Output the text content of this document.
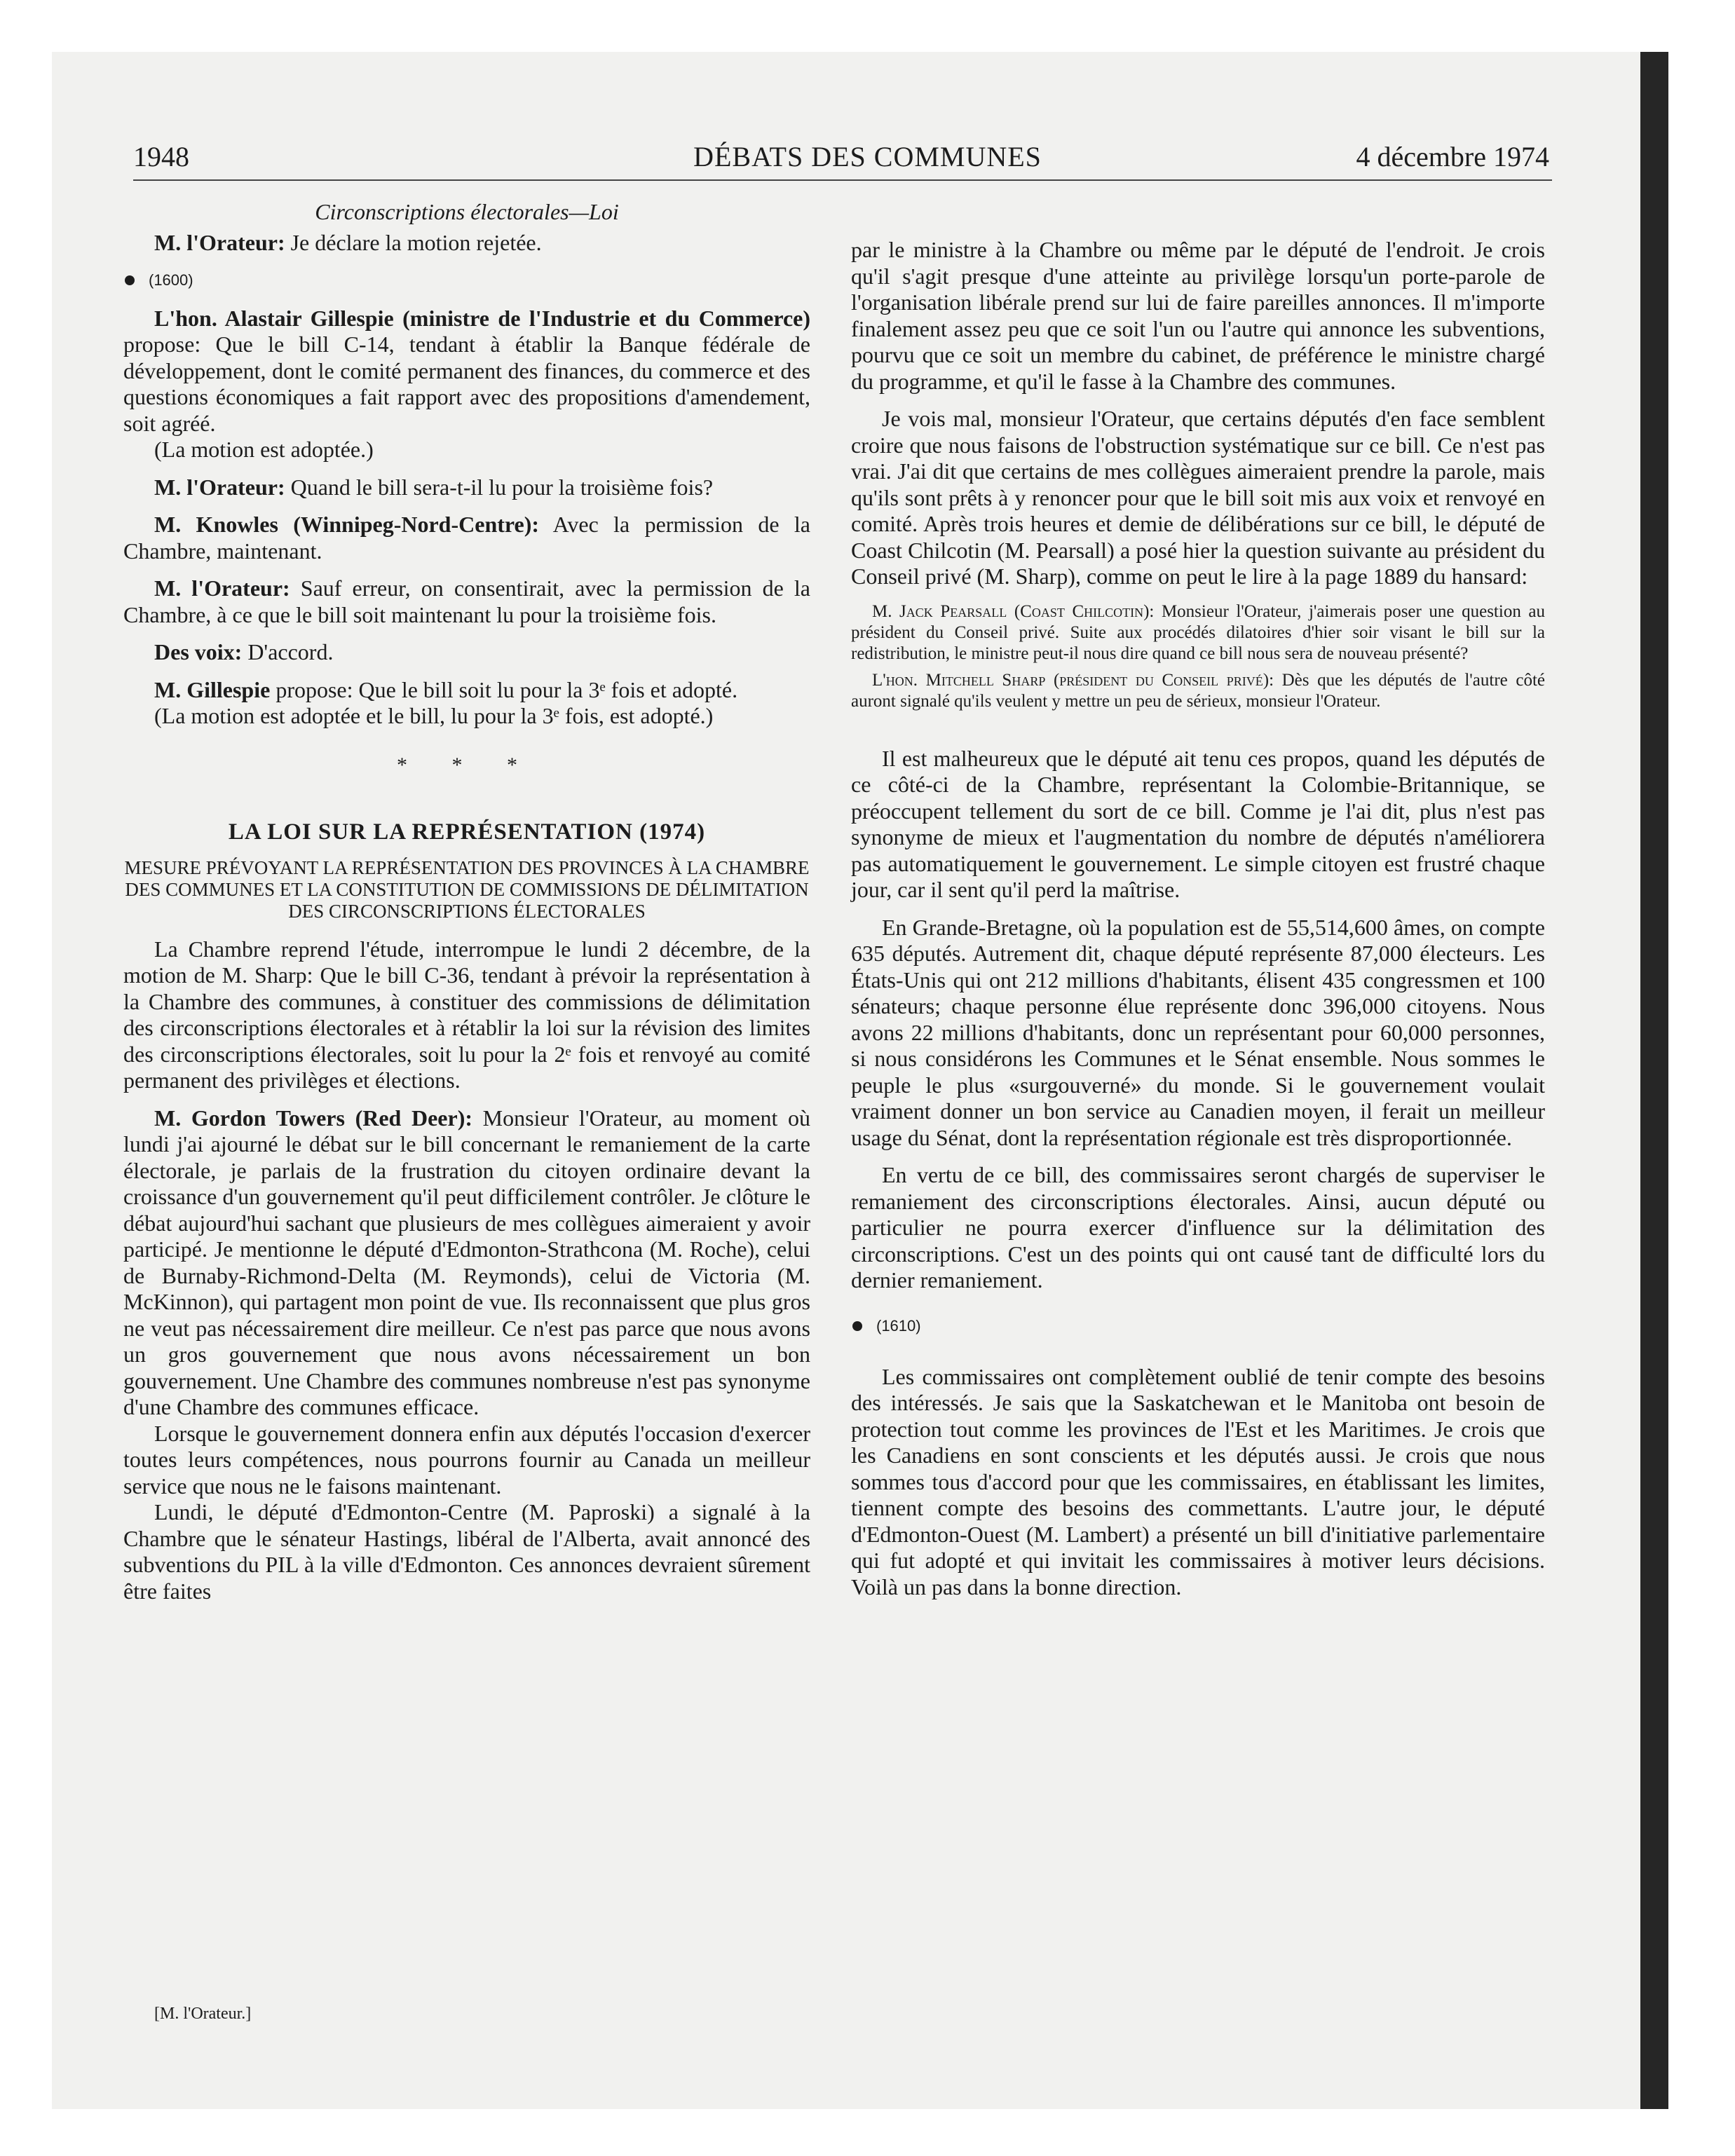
1948	DÉBATS DES COMMUNES	4 décembre 1974
Circonscriptions électorales—Loi

M. l'Orateur: Je déclare la motion rejetée.

(1600)

L'hon. Alastair Gillespie (ministre de l'Industrie et du Commerce) propose: Que le bill C-14, tendant à établir la Banque fédérale de développement, dont le comité permanent des finances, du commerce et des questions économiques a fait rapport avec des propositions d'amendement, soit agréé.

(La motion est adoptée.)

M. l'Orateur: Quand le bill sera-t-il lu pour la troisième fois?

M. Knowles (Winnipeg-Nord-Centre): Avec la permission de la Chambre, maintenant.

M. l'Orateur: Sauf erreur, on consentirait, avec la permission de la Chambre, à ce que le bill soit maintenant lu pour la troisième fois.

Des voix: D'accord.

M. Gillespie propose: Que le bill soit lu pour la 3ᵉ fois et adopté.

(La motion est adoptée et le bill, lu pour la 3ᵉ fois, est adopté.)

* * *
LA LOI SUR LA REPRÉSENTATION (1974)
MESURE PRÉVOYANT LA REPRÉSENTATION DES PROVINCES À LA CHAMBRE DES COMMUNES ET LA CONSTITUTION DE COMMISSIONS DE DÉLIMITATION DES CIRCONSCRIPTIONS ÉLECTORALES

La Chambre reprend l'étude, interrompue le lundi 2 décembre, de la motion de M. Sharp: Que le bill C-36, tendant à prévoir la représentation à la Chambre des communes, à constituer des commissions de délimitation des circonscriptions électorales et à rétablir la loi sur la révision des limites des circonscriptions électorales, soit lu pour la 2ᵉ fois et renvoyé au comité permanent des privilèges et élections.

M. Gordon Towers (Red Deer): Monsieur l'Orateur, au moment où lundi j'ai ajourné le débat sur le bill concernant le remaniement de la carte électorale, je parlais de la frustration du citoyen ordinaire devant la croissance d'un gouvernement qu'il peut difficilement contrôler. Je clôture le débat aujourd'hui sachant que plusieurs de mes collègues aimeraient y avoir participé. Je mentionne le député d'Edmonton-Strathcona (M. Roche), celui de Burnaby-Richmond-Delta (M. Reymonds), celui de Victoria (M. McKinnon), qui partagent mon point de vue. Ils reconnaissent que plus gros ne veut pas nécessairement dire meilleur. Ce n'est pas parce que nous avons un gros gouvernement que nous avons nécessairement un bon gouvernement. Une Chambre des communes nombreuse n'est pas synonyme d'une Chambre des communes efficace.

Lorsque le gouvernement donnera enfin aux députés l'occasion d'exercer toutes leurs compétences, nous pourrons fournir au Canada un meilleur service que nous ne le faisons maintenant.

Lundi, le député d'Edmonton-Centre (M. Paproski) a signalé à la Chambre que le sénateur Hastings, libéral de l'Alberta, avait annoncé des subventions du PIL à la ville d'Edmonton. Ces annonces devraient sûrement être faites

[M. l'Orateur.]

par le ministre à la Chambre ou même par le député de l'endroit. Je crois qu'il s'agit presque d'une atteinte au privilège lorsqu'un porte-parole de l'organisation libérale prend sur lui de faire pareilles annonces. Il m'importe finalement assez peu que ce soit l'un ou l'autre qui annonce les subventions, pourvu que ce soit un membre du cabinet, de préférence le ministre chargé du programme, et qu'il le fasse à la Chambre des communes.

Je vois mal, monsieur l'Orateur, que certains députés d'en face semblent croire que nous faisons de l'obstruction systématique sur ce bill. Ce n'est pas vrai. J'ai dit que certains de mes collègues aimeraient prendre la parole, mais qu'ils sont prêts à y renoncer pour que le bill soit mis aux voix et renvoyé en comité. Après trois heures et demie de délibérations sur ce bill, le député de Coast Chilcotin (M. Pearsall) a posé hier la question suivante au président du Conseil privé (M. Sharp), comme on peut le lire à la page 1889 du hansard:

M. Jack Pearsall (Coast Chilcotin): Monsieur l'Orateur, j'aimerais poser une question au président du Conseil privé. Suite aux procédés dilatoires d'hier soir visant le bill sur la redistribution, le ministre peut-il nous dire quand ce bill nous sera de nouveau présenté?
L'hon. Mitchell Sharp (président du Conseil privé): Dès que les députés de l'autre côté auront signalé qu'ils veulent y mettre un peu de sérieux, monsieur l'Orateur.

Il est malheureux que le député ait tenu ces propos, quand les députés de ce côté-ci de la Chambre, représentant la Colombie-Britannique, se préoccupent tellement du sort de ce bill. Comme je l'ai dit, plus n'est pas synonyme de mieux et l'augmentation du nombre de députés n'améliorera pas automatiquement le gouvernement. Le simple citoyen est frustré chaque jour, car il sent qu'il perd la maîtrise.

En Grande-Bretagne, où la population est de 55,514,600 âmes, on compte 635 députés. Autrement dit, chaque député représente 87,000 électeurs. Les États-Unis qui ont 212 millions d'habitants, élisent 435 congressmen et 100 sénateurs; chaque personne élue représente donc 396,000 citoyens. Nous avons 22 millions d'habitants, donc un représentant pour 60,000 personnes, si nous considérons les Communes et le Sénat ensemble. Nous sommes le peuple le plus «surgouverné» du monde. Si le gouvernement voulait vraiment donner un bon service au Canadien moyen, il ferait un meilleur usage du Sénat, dont la représentation régionale est très disproportionnée.

En vertu de ce bill, des commissaires seront chargés de superviser le remaniement des circonscriptions électorales. Ainsi, aucun député ou particulier ne pourra exercer d'influence sur la délimitation des circonscriptions. C'est un des points qui ont causé tant de difficulté lors du dernier remaniement.

(1610)

Les commissaires ont complètement oublié de tenir compte des besoins des intéressés. Je sais que la Saskatchewan et le Manitoba ont besoin de protection tout comme les provinces de l'Est et les Maritimes. Je crois que les Canadiens en sont conscients et les députés aussi. Je crois que nous sommes tous d'accord pour que les commissaires, en établissant les limites, tiennent compte des besoins des commettants. L'autre jour, le député d'Edmonton-Ouest (M. Lambert) a présenté un bill d'initiative parlementaire qui fut adopté et qui invitait les commissaires à motiver leurs décisions. Voilà un pas dans la bonne direction.
